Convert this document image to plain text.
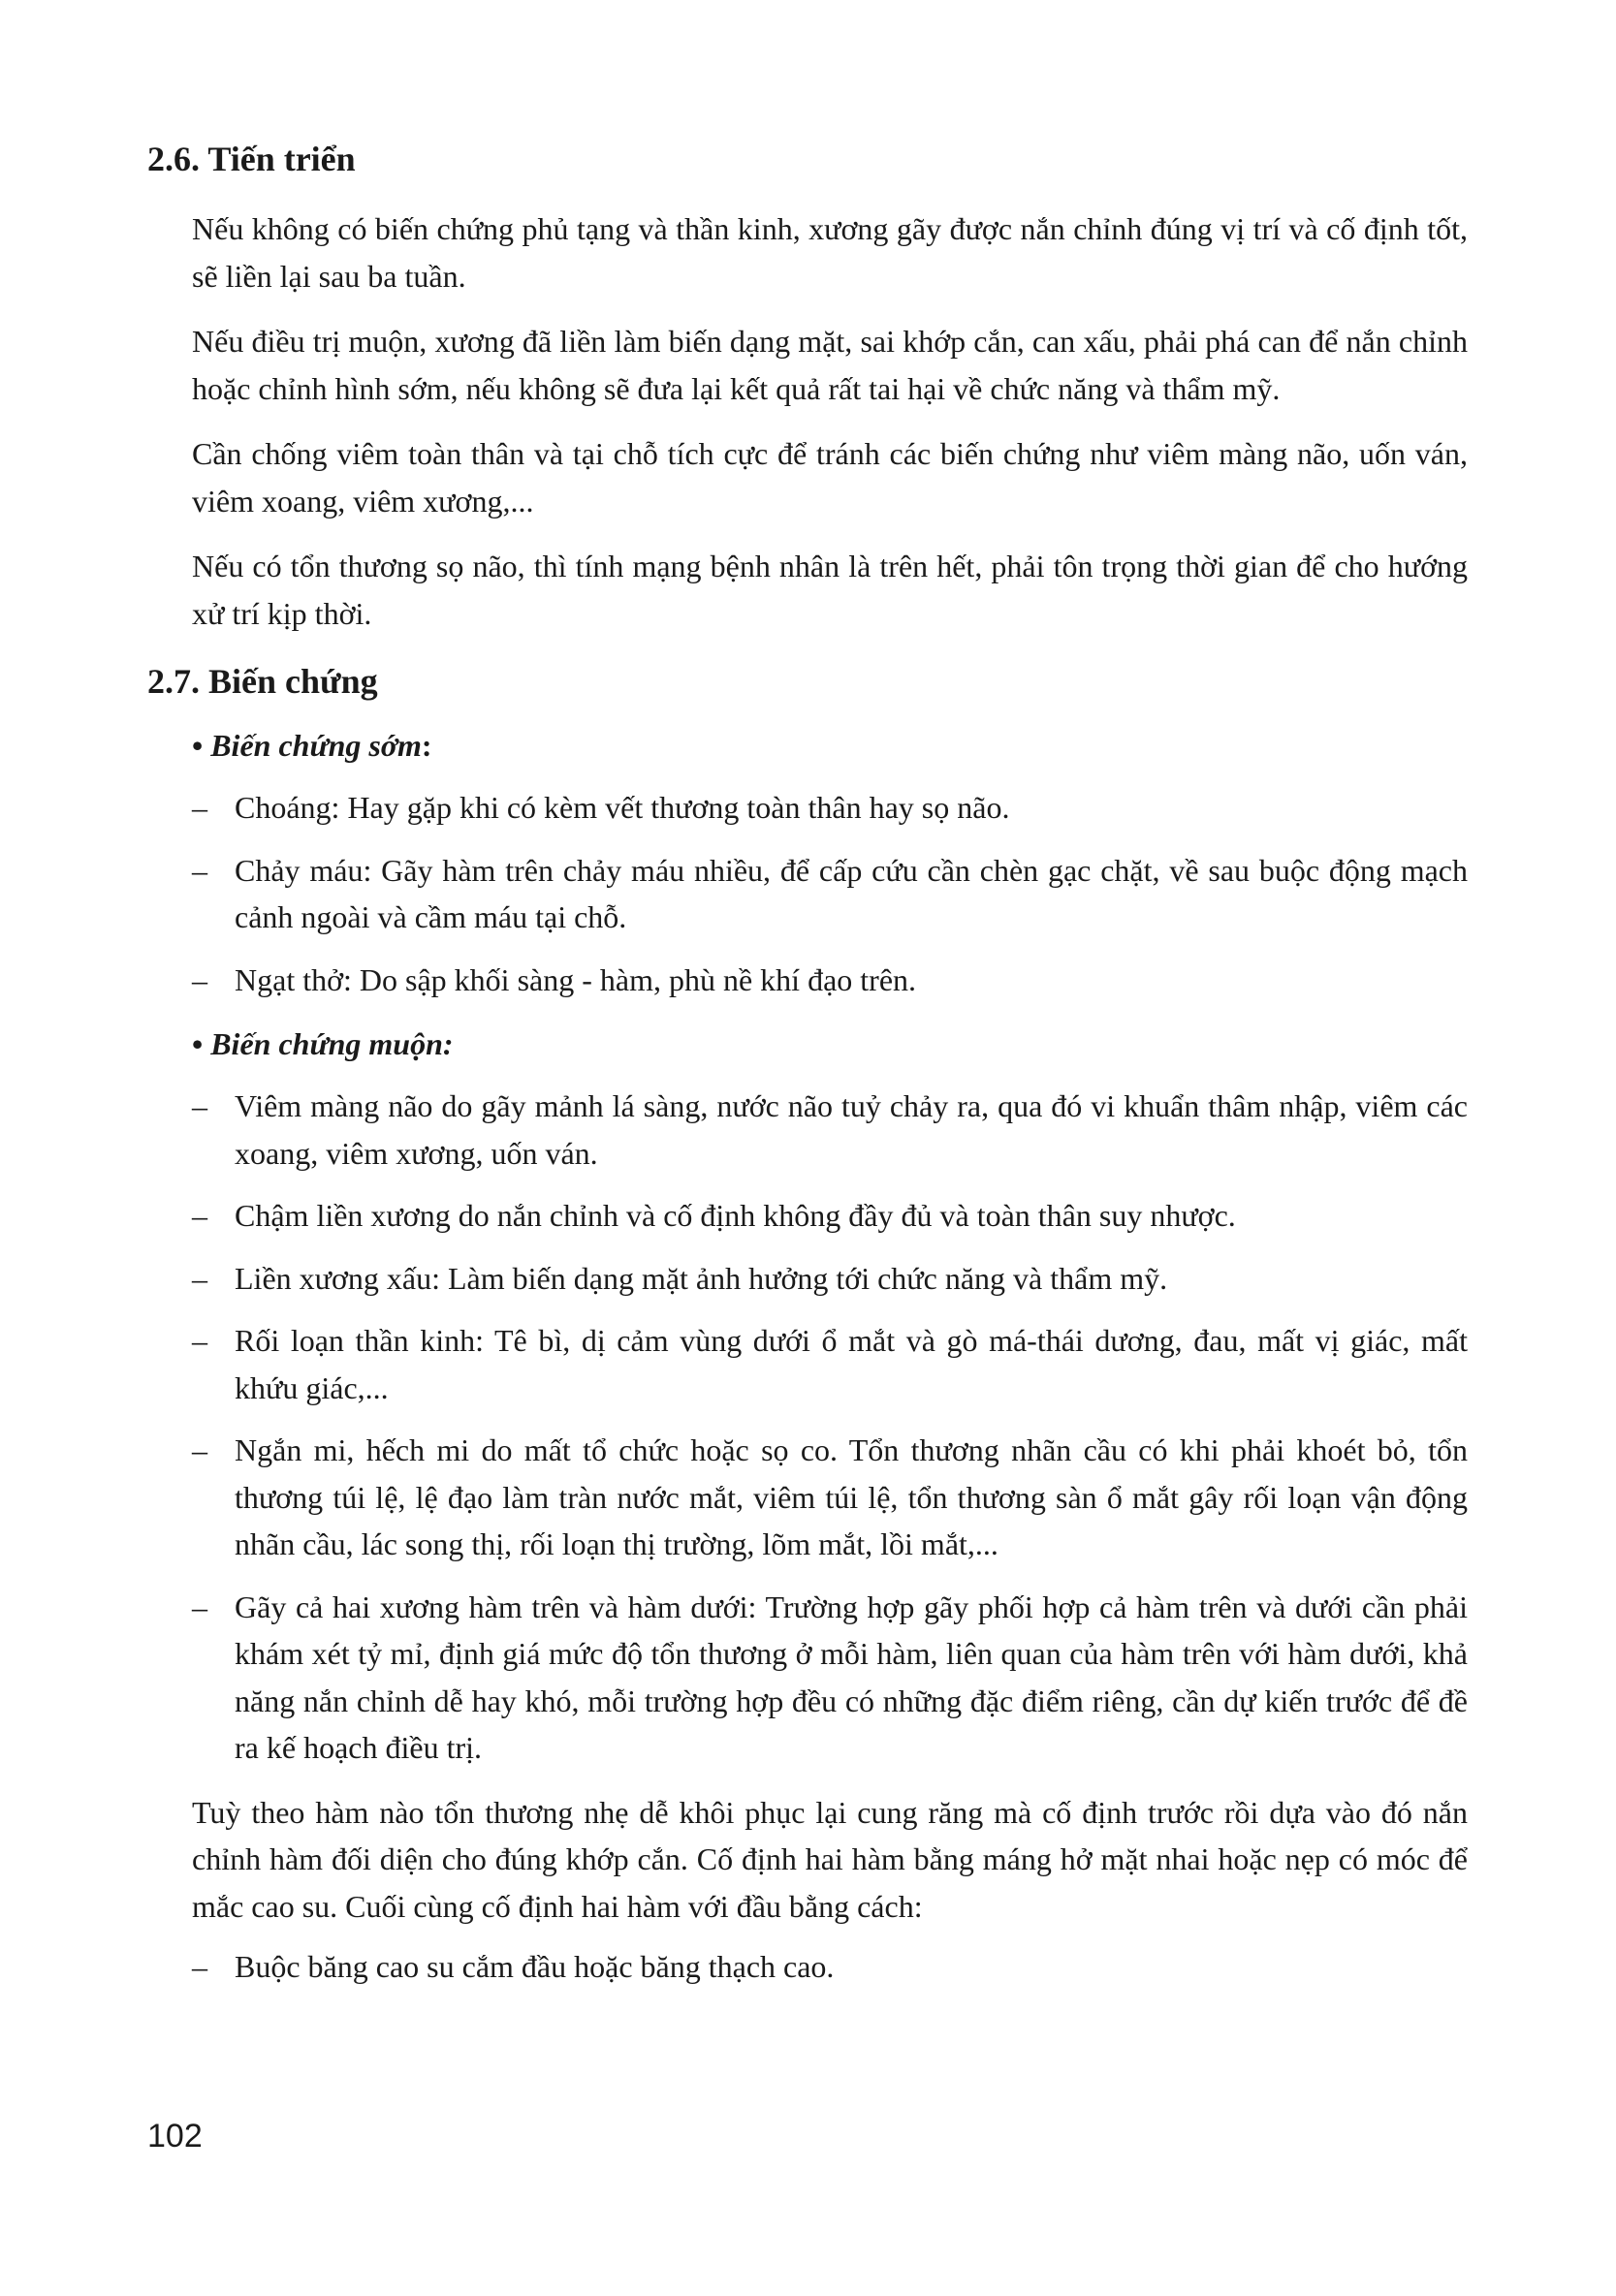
2.6. Tiến triển

Nếu không có biến chứng phủ tạng và thần kinh, xương gãy được nắn chỉnh đúng vị trí và cố định tốt, sẽ liền lại sau ba tuần.

Nếu điều trị muộn, xương đã liền làm biến dạng mặt, sai khớp cắn, can xấu, phải phá can để nắn chỉnh hoặc chỉnh hình sớm, nếu không sẽ đưa lại kết quả rất tai hại về chức năng và thẩm mỹ.

Cần chống viêm toàn thân và tại chỗ tích cực để tránh các biến chứng như viêm màng não, uốn ván, viêm xoang, viêm xương,...

Nếu có tổn thương sọ não, thì tính mạng bệnh nhân là trên hết, phải tôn trọng thời gian để cho hướng xử trí kịp thời.

2.7. Biến chứng
• Biến chứng sớm:
– Choáng: Hay gặp khi có kèm vết thương toàn thân hay sọ não.
– Chảy máu: Gãy hàm trên chảy máu nhiều, để cấp cứu cần chèn gạc chặt, về sau buộc động mạch cảnh ngoài và cầm máu tại chỗ.
– Ngạt thở: Do sập khối sàng - hàm, phù nề khí đạo trên.
• Biến chứng muộn:
– Viêm màng não do gãy mảnh lá sàng, nước não tuỷ chảy ra, qua đó vi khuẩn thâm nhập, viêm các xoang, viêm xương, uốn ván.
– Chậm liền xương do nắn chỉnh và cố định không đầy đủ và toàn thân suy nhược.
– Liền xương xấu: Làm biến dạng mặt ảnh hưởng tới chức năng và thẩm mỹ.
– Rối loạn thần kinh: Tê bì, dị cảm vùng dưới ổ mắt và gò má-thái dương, đau, mất vị giác, mất khứu giác,...
– Ngắn mi, hếch mi do mất tổ chức hoặc sọ co. Tổn thương nhãn cầu có khi phải khoét bỏ, tổn thương túi lệ, lệ đạo làm tràn nước mắt, viêm túi lệ, tổn thương sàn ổ mắt gây rối loạn vận động nhãn cầu, lác song thị, rối loạn thị trường, lõm mắt, lồi mắt,...
– Gãy cả hai xương hàm trên và hàm dưới: Trường hợp gãy phối hợp cả hàm trên và dưới cần phải khám xét tỷ mỉ, định giá mức độ tổn thương ở mỗi hàm, liên quan của hàm trên với hàm dưới, khả năng nắn chỉnh dễ hay khó, mỗi trường hợp đều có những đặc điểm riêng, cần dự kiến trước để đề ra kế hoạch điều trị.

Tuỳ theo hàm nào tổn thương nhẹ dễ khôi phục lại cung răng mà cố định trước rồi dựa vào đó nắn chỉnh hàm đối diện cho đúng khớp cắn. Cố định hai hàm bằng máng hở mặt nhai hoặc nẹp có móc để mắc cao su. Cuối cùng cố định hai hàm với đầu bằng cách:

– Buộc băng cao su cắm đầu hoặc băng thạch cao.
102
